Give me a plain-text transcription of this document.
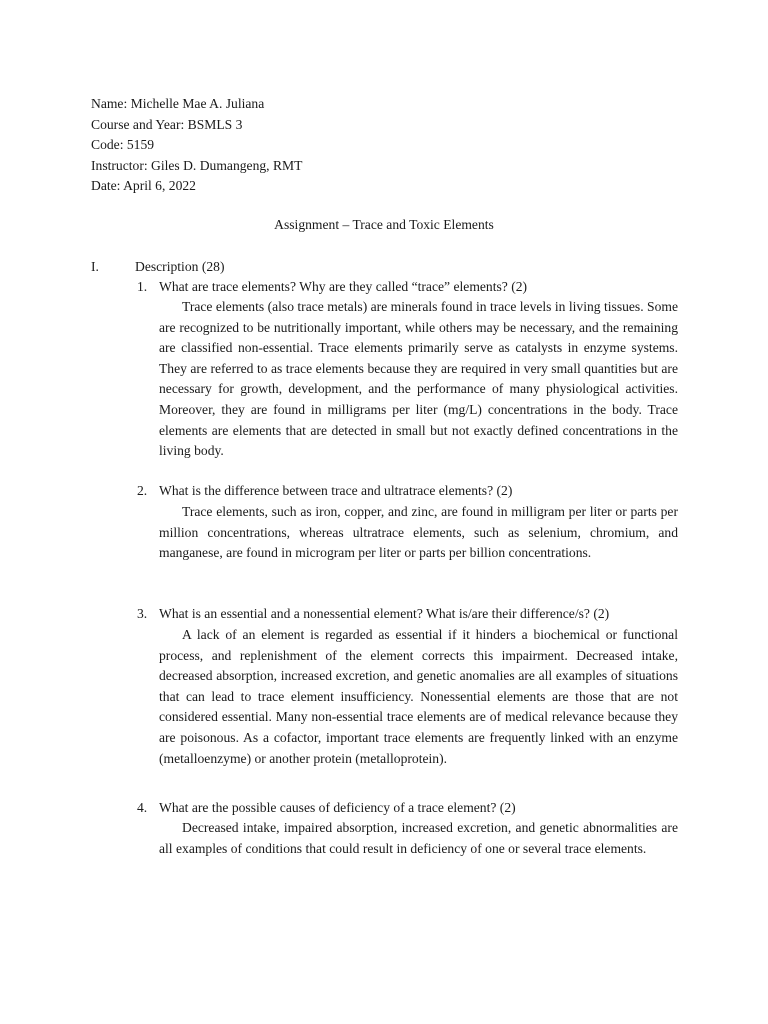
Name: Michelle Mae A. Juliana
Course and Year: BSMLS 3
Code: 5159
Instructor: Giles D. Dumangeng, RMT
Date: April 6, 2022
Assignment – Trace and Toxic Elements
I.	Description (28)
1. What are trace elements? Why are they called “trace” elements? (2)

Trace elements (also trace metals) are minerals found in trace levels in living tissues. Some are recognized to be nutritionally important, while others may be necessary, and the remaining are classified non-essential. Trace elements primarily serve as catalysts in enzyme systems. They are referred to as trace elements because they are required in very small quantities but are necessary for growth, development, and the performance of many physiological activities. Moreover, they are found in milligrams per liter (mg/L) concentrations in the body. Trace elements are elements that are detected in small but not exactly defined concentrations in the living body.

2. What is the difference between trace and ultratrace elements? (2)

Trace elements, such as iron, copper, and zinc, are found in milligram per liter or parts per million concentrations, whereas ultratrace elements, such as selenium, chromium, and manganese, are found in microgram per liter or parts per billion concentrations.

3. What is an essential and a nonessential element? What is/are their difference/s? (2)

A lack of an element is regarded as essential if it hinders a biochemical or functional process, and replenishment of the element corrects this impairment. Decreased intake, decreased absorption, increased excretion, and genetic anomalies are all examples of situations that can lead to trace element insufficiency. Nonessential elements are those that are not considered essential. Many non-essential trace elements are of medical relevance because they are poisonous. As a cofactor, important trace elements are frequently linked with an enzyme (metalloenzyme) or another protein (metalloprotein).

4. What are the possible causes of deficiency of a trace element? (2)

Decreased intake, impaired absorption, increased excretion, and genetic abnormalities are all examples of conditions that could result in deficiency of one or several trace elements.
